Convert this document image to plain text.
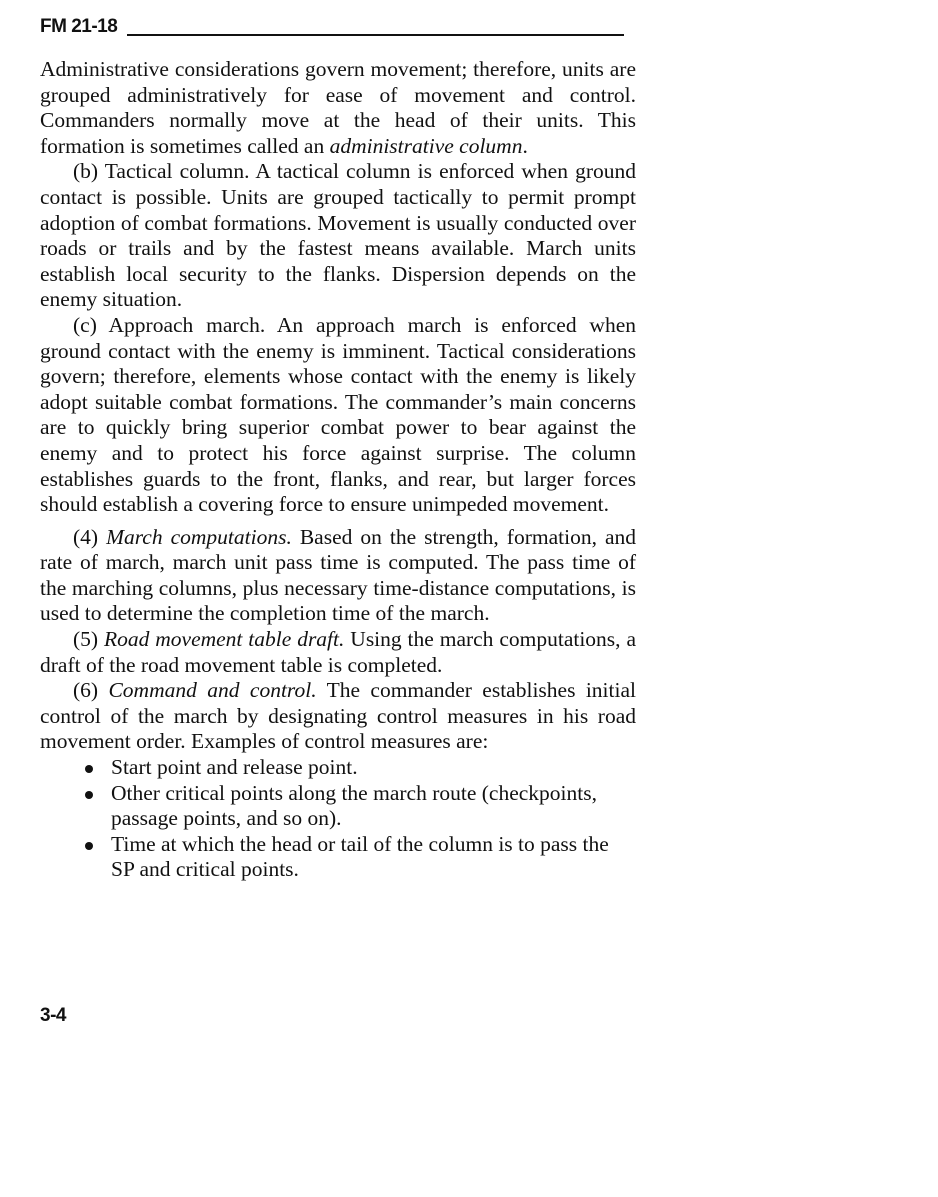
FM 21-18

Administrative considerations govern movement; therefore, units are grouped administratively for ease of movement and control. Commanders normally move at the head of their units. This formation is sometimes called an administrative column.

(b) Tactical column. A tactical column is enforced when ground contact is possible. Units are grouped tactically to permit prompt adoption of combat formations. Movement is usually conducted over roads or trails and by the fastest means available. March units establish local security to the flanks. Dispersion depends on the enemy situation.

(c) Approach march. An approach march is enforced when ground contact with the enemy is imminent. Tactical considerations govern; therefore, elements whose contact with the enemy is likely adopt suitable combat formations. The commander’s main concerns are to quickly bring superior combat power to bear against the enemy and to protect his force against surprise. The column establishes guards to the front, flanks, and rear, but larger forces should establish a covering force to ensure unimpeded movement.

(4) March computations. Based on the strength, formation, and rate of march, march unit pass time is computed. The pass time of the marching columns, plus necessary time-distance computations, is used to determine the completion time of the march.

(5) Road movement table draft. Using the march computations, a draft of the road movement table is completed.

(6) Command and control. The commander establishes initial control of the march by designating control measures in his road movement order. Examples of control measures are:

Start point and release point.
Other critical points along the march route (checkpoints, passage points, and so on).
Time at which the head or tail of the column is to pass the SP and critical points.
3-4
